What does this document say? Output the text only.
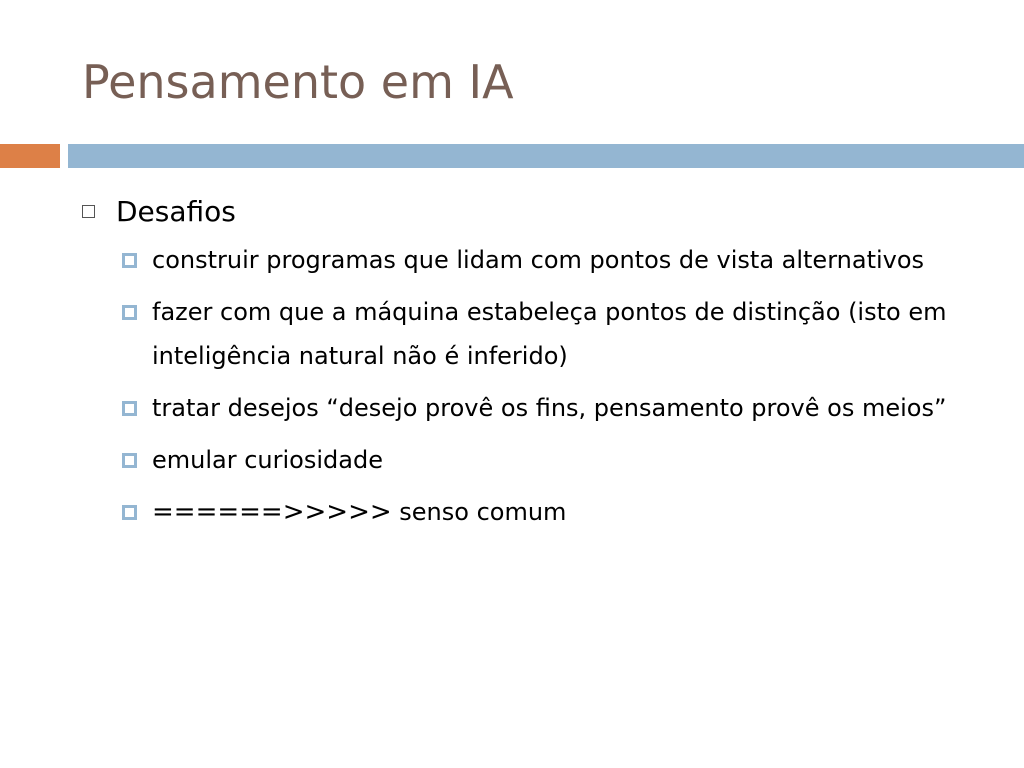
Pensamento em IA
Desafios
construir programas que lidam com pontos de vista alternativos
fazer com que a máquina estabeleça pontos de distinção (isto em inteligência natural não é inferido)
tratar desejos “desejo provê os fins, pensamento provê os meios”
emular curiosidade
======>>>>> senso comum
